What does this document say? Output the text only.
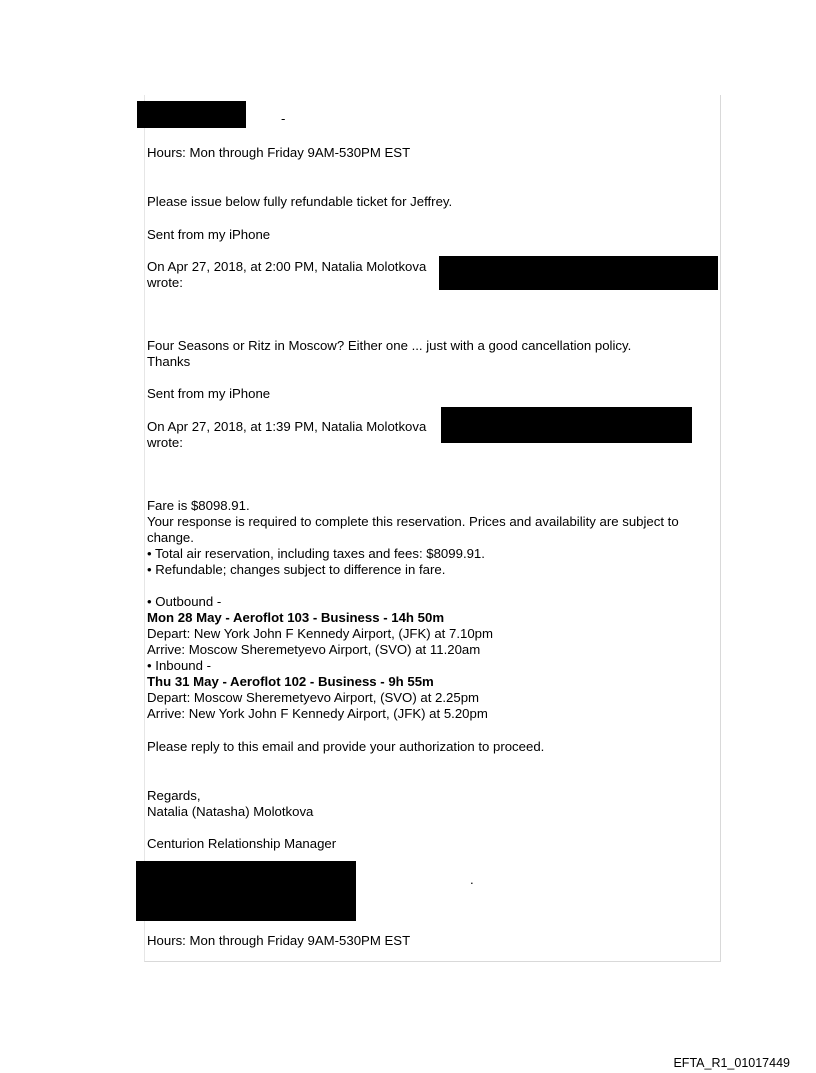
-
Hours: Mon through Friday 9AM-530PM EST
Please issue below fully refundable ticket for Jeffrey.
Sent from my iPhone
On Apr 27, 2018, at 2:00 PM, Natalia Molotkova
wrote:
Four Seasons or Ritz in Moscow? Either one ... just with a good cancellation policy.
Thanks
Sent from my iPhone
On Apr 27, 2018, at 1:39 PM, Natalia Molotkova
wrote:
Fare is $8098.91.
Your response is required to complete this reservation. Prices and availability are subject to
change.
• Total air reservation, including taxes and fees: $8099.91.
• Refundable; changes subject to difference in fare.
• Outbound -
Mon 28 May - Aeroflot 103 - Business - 14h 50m
Depart: New York John F Kennedy Airport, (JFK) at 7.10pm
Arrive: Moscow Sheremetyevo Airport, (SVO) at 11.20am
• Inbound -
Thu 31 May - Aeroflot 102 - Business - 9h 55m
Depart: Moscow Sheremetyevo Airport, (SVO) at 2.25pm
Arrive: New York John F Kennedy Airport, (JFK) at 5.20pm
Please reply to this email and provide your authorization to proceed.
Regards,
Natalia (Natasha) Molotkova
Centurion Relationship Manager
.
Hours: Mon through Friday 9AM-530PM EST
EFTA_R1_01017449
